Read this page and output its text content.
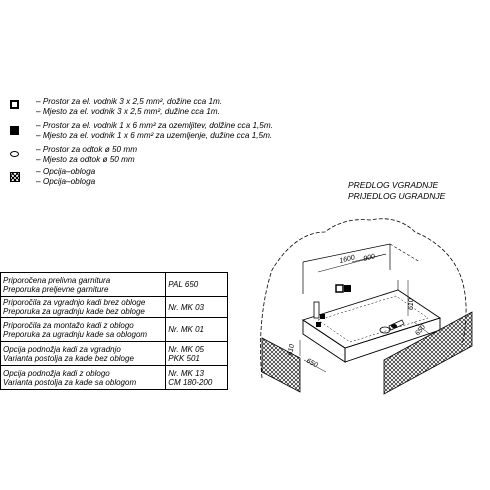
– Prostor za el. vodnik 3 x 2,5 mm², dožine cca 1m.
– Mjesto za el. vodnik 3 x 2,5 mm², dužine cca 1m.
– Prostor za el. vodnik 1 x 6 mm² za ozemljitev, dolžine cca 1,5m.
– Mjesto za el. vodnik 1 x 6 mm² za uzemljenje, dužine cca 1,5m.
– Prostor za odtok ø 50 mm
– Mjesto za odtok ø 50 mm
– Opcija–obloga
– Opcija–obloga
Priporočena prelivna garnitura
Preporuka preljevne garniture	PAL 650
Priporočila za vgradnjo kadi brez obloge
Preporuka za ugradnju kade bez obloge	Nr. MK 03
Priporočila za montažo kadi z oblogo
Preporuka za ugradnju kade sa oblogom	Nr. MK 01
Opcija podnožja kadi za vgradnjo
Varianta postolja za kade bez obloge	Nr. MK 05
PKK 501
Opcija podnožja kadi z oblogo
Varianta postolja za kade sa oblogom	Nr. MK 13
CM 180-200
PREDLOG VGRADNJE
PRIJEDLOG UGRADNJE
1600 900
610
650
650
610
